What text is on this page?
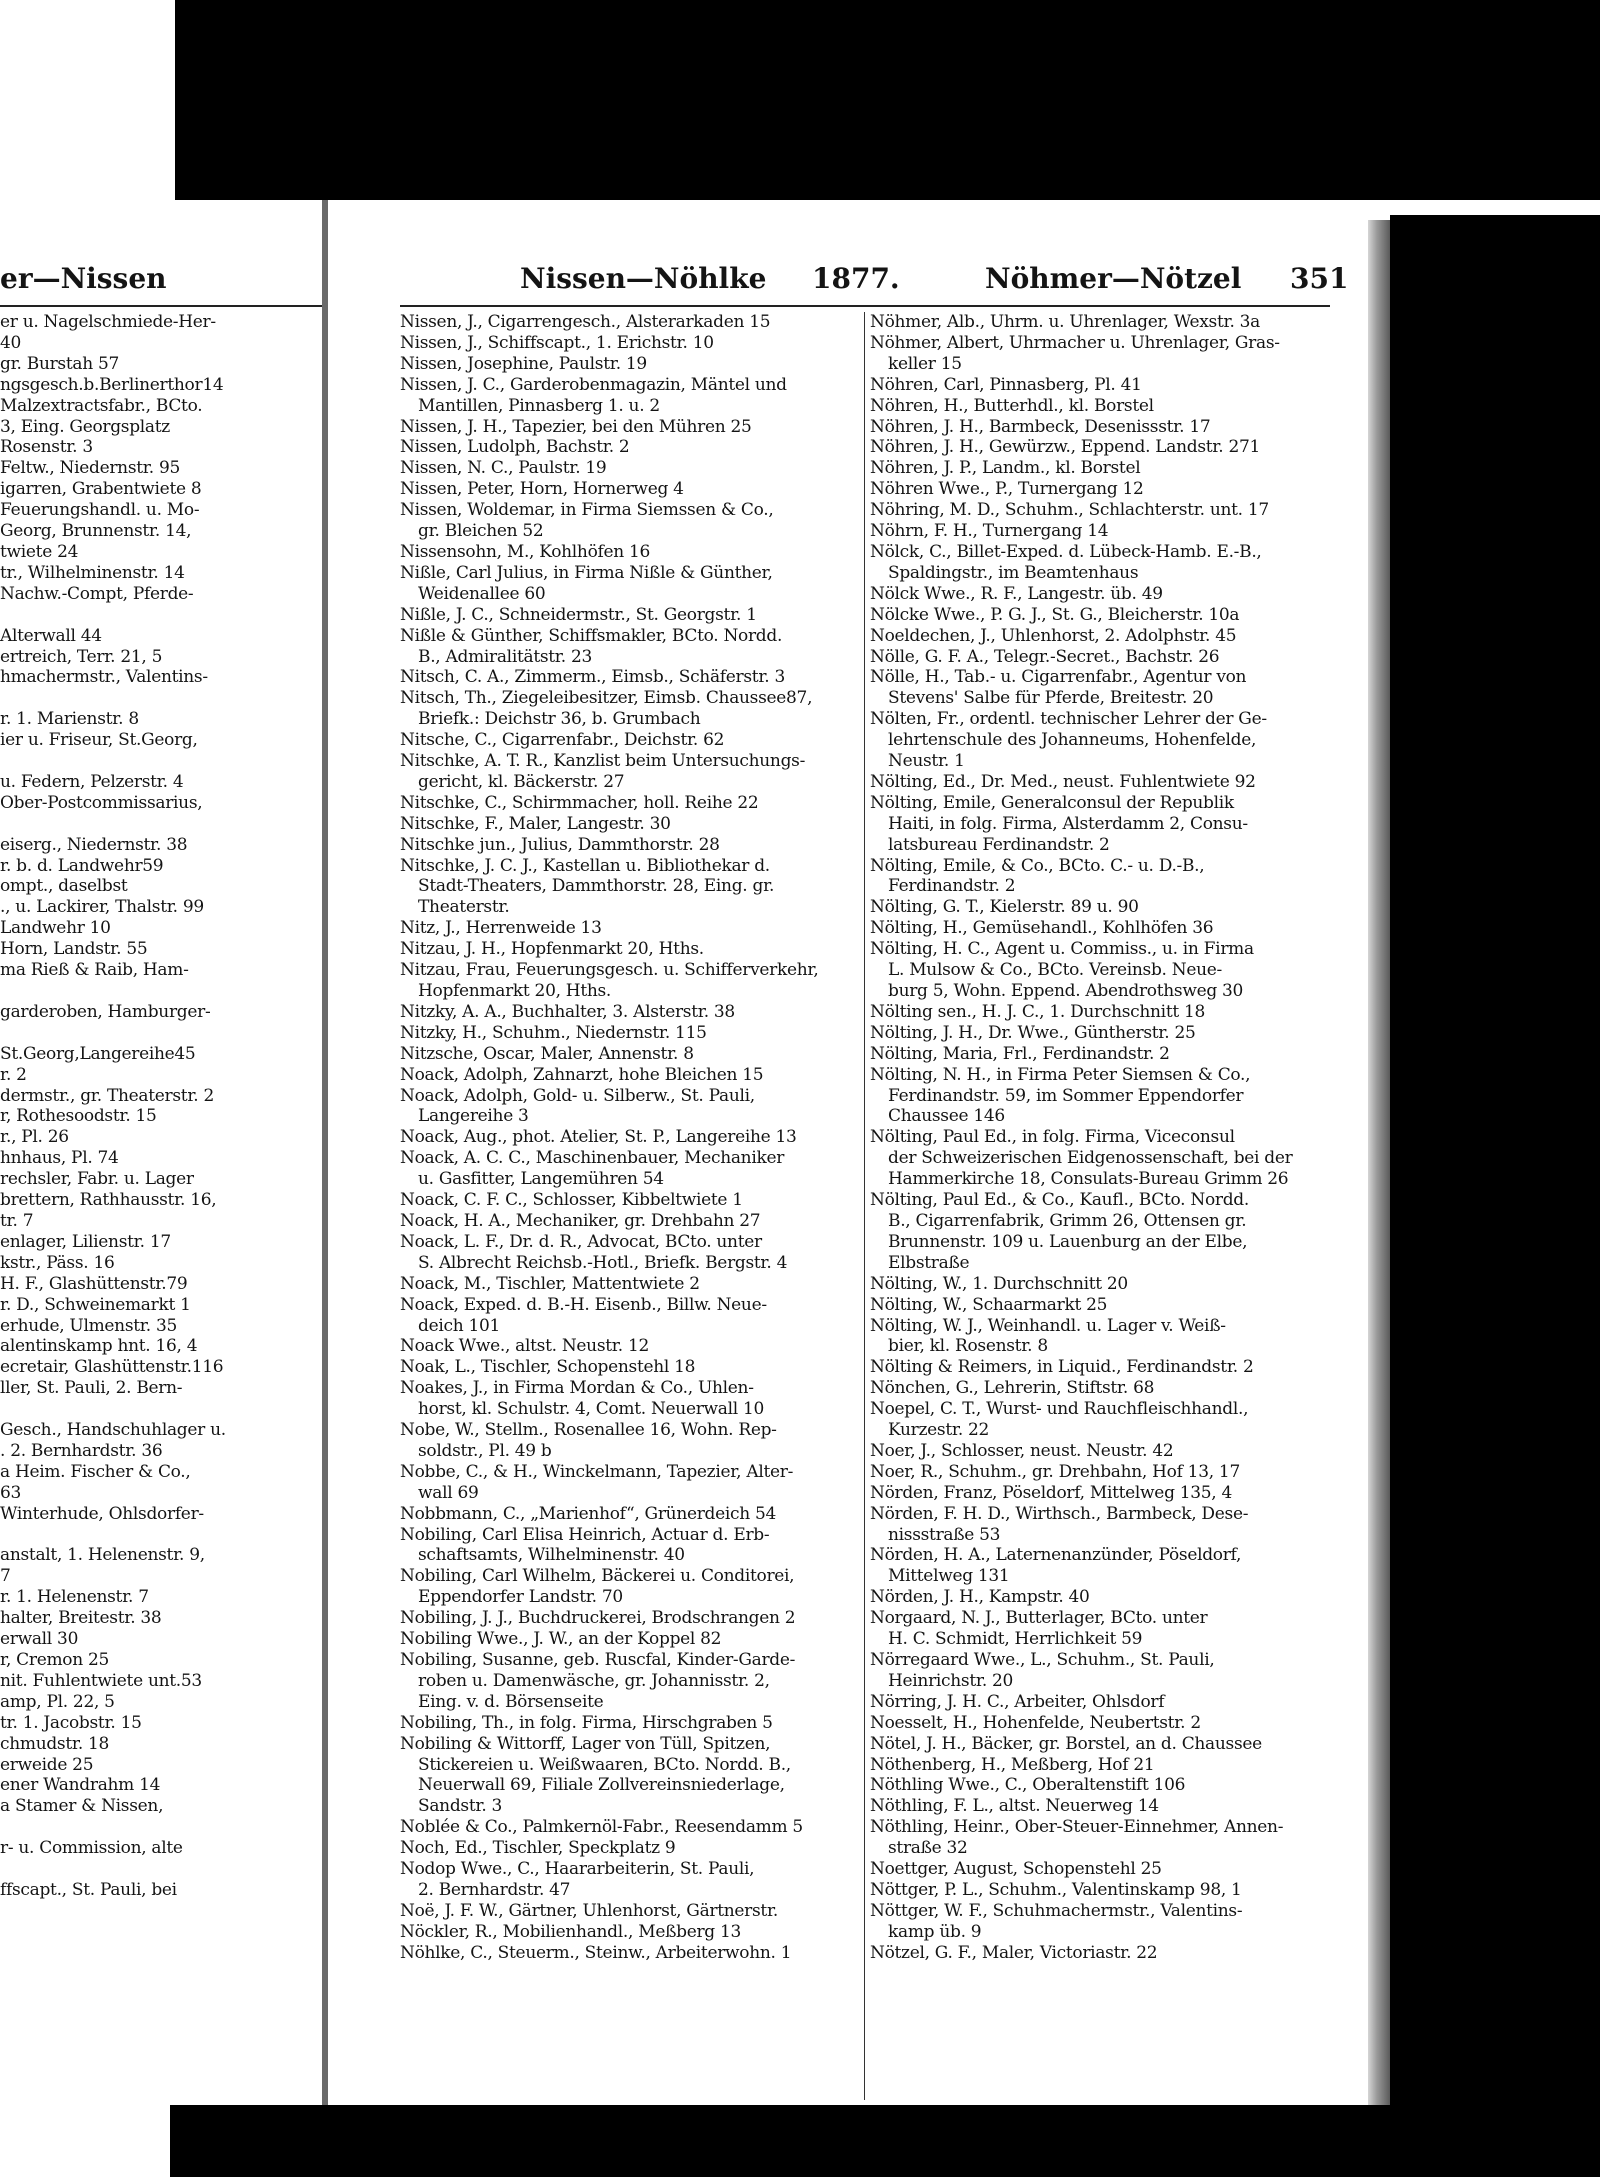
er—Nissen	Nissen—Nöhlke 1877.	Nöhmer—Nötzel 351
er u. Nagelschmiede-Her-
40
gr. Burstah 57
ngsgesch.b.Berlinerthor14
Malzextractsfabr., BCto.
3, Eing. Georgsplatz
Rosenstr. 3
Feltw., Niedernstr. 95
igarren, Grabentwiete 8
Feuerungshandl. u. Mo-
Georg, Brunnenstr. 14,
twiete 24
tr., Wilhelminenstr. 14
Nachw.-Compt, Pferde-

Alterwall 44
ertreich, Terr. 21, 5
hmachermstr., Valentins-

r. 1. Marienstr. 8
ier u. Friseur, St.Georg,

u. Federn, Pelzerstr. 4
Ober-Postcommissarius,

eiserg., Niedernstr. 38
r. b. d. Landwehr59
ompt., daselbst
., u. Lackirer, Thalstr. 99
Landwehr 10
Horn, Landstr. 55
ma Rieß & Raib, Ham-

garderoben, Hamburger-

St.Georg,Langereihe45
r. 2
dermstr., gr. Theaterstr. 2
r, Rothesoodstr. 15
r., Pl. 26
hnhaus, Pl. 74
rechsler, Fabr. u. Lager
brettern, Rathhausstr. 16,
tr. 7
enlager, Lilienstr. 17
kstr., Päss. 16
H. F., Glashüttenstr.79
r. D., Schweinemarkt 1
erhude, Ulmenstr. 35
alentinskamp hnt. 16, 4
ecretair, Glashüttenstr.116
ller, St. Pauli, 2. Bern-

Gesch., Handschuhlager u.
. 2. Bernhardstr. 36
a Heim. Fischer & Co.,
63
Winterhude, Ohlsdorfer-

anstalt, 1. Helenenstr. 9,
7
r. 1. Helenenstr. 7
halter, Breitestr. 38
erwall 30
r, Cremon 25
nit. Fuhlentwiete unt.53
amp, Pl. 22, 5
tr. 1. Jacobstr. 15
chmudstr. 18
erweide 25
ener Wandrahm 14
a Stamer & Nissen,

r- u. Commission, alte

ffscapt., St. Pauli, bei
Nissen, J., Cigarrengesch., Alsterarkaden 15
Nissen, J., Schiffscapt., 1. Erichstr. 10
Nissen, Josephine, Paulstr. 19
Nissen, J. C., Garderobenmagazin, Mäntel und
Mantillen, Pinnasberg 1. u. 2
Nissen, J. H., Tapezier, bei den Mühren 25
Nissen, Ludolph, Bachstr. 2
Nissen, N. C., Paulstr. 19
Nissen, Peter, Horn, Hornerweg 4
Nissen, Woldemar, in Firma Siemssen & Co.,
gr. Bleichen 52
Nissensohn, M., Kohlhöfen 16
Nißle, Carl Julius, in Firma Nißle & Günther,
Weidenallee 60
Nißle, J. C., Schneidermstr., St. Georgstr. 1
Nißle & Günther, Schiffsmakler, BCto. Nordd.
B., Admiralitätstr. 23
Nitsch, C. A., Zimmerm., Eimsb., Schäferstr. 3
Nitsch, Th., Ziegeleibesitzer, Eimsb. Chaussee87,
Briefk.: Deichstr 36, b. Grumbach
Nitsche, C., Cigarrenfabr., Deichstr. 62
Nitschke, A. T. R., Kanzlist beim Untersuchungs-
gericht, kl. Bäckerstr. 27
Nitschke, C., Schirmmacher, holl. Reihe 22
Nitschke, F., Maler, Langestr. 30
Nitschke jun., Julius, Dammthorstr. 28
Nitschke, J. C. J., Kastellan u. Bibliothekar d.
Stadt-Theaters, Dammthorstr. 28, Eing. gr.
Theaterstr.
Nitz, J., Herrenweide 13
Nitzau, J. H., Hopfenmarkt 20, Hths.
Nitzau, Frau, Feuerungsgesch. u. Schifferverkehr,
Hopfenmarkt 20, Hths.
Nitzky, A. A., Buchhalter, 3. Alsterstr. 38
Nitzky, H., Schuhm., Niedernstr. 115
Nitzsche, Oscar, Maler, Annenstr. 8
Noack, Adolph, Zahnarzt, hohe Bleichen 15
Noack, Adolph, Gold- u. Silberw., St. Pauli,
Langereihe 3
Noack, Aug., phot. Atelier, St. P., Langereihe 13
Noack, A. C. C., Maschinenbauer, Mechaniker
u. Gasfitter, Langemühren 54
Noack, C. F. C., Schlosser, Kibbeltwiete 1
Noack, H. A., Mechaniker, gr. Drehbahn 27
Noack, L. F., Dr. d. R., Advocat, BCto. unter
S. Albrecht Reichsb.-Hotl., Briefk. Bergstr. 4
Noack, M., Tischler, Mattentwiete 2
Noack, Exped. d. B.-H. Eisenb., Billw. Neue-
deich 101
Noack Wwe., altst. Neustr. 12
Noak, L., Tischler, Schopenstehl 18
Noakes, J., in Firma Mordan & Co., Uhlen-
horst, kl. Schulstr. 4, Comt. Neuerwall 10
Nobe, W., Stellm., Rosenallee 16, Wohn. Rep-
soldstr., Pl. 49 b
Nobbe, C., & H., Winckelmann, Tapezier, Alter-
wall 69
Nobbmann, C., „Marienhof“, Grünerdeich 54
Nobiling, Carl Elisa Heinrich, Actuar d. Erb-
schaftsamts, Wilhelminenstr. 40
Nobiling, Carl Wilhelm, Bäckerei u. Conditorei,
Eppendorfer Landstr. 70
Nobiling, J. J., Buchdruckerei, Brodschrangen 2
Nobiling Wwe., J. W., an der Koppel 82
Nobiling, Susanne, geb. Ruscfal, Kinder-Garde-
roben u. Damenwäsche, gr. Johannisstr. 2,
Eing. v. d. Börsenseite
Nobiling, Th., in folg. Firma, Hirschgraben 5
Nobiling & Wittorff, Lager von Tüll, Spitzen,
Stickereien u. Weißwaaren, BCto. Nordd. B.,
Neuerwall 69, Filiale Zollvereinsniederlage,
Sandstr. 3
Noblée & Co., Palmkernöl-Fabr., Reesendamm 5
Noch, Ed., Tischler, Speckplatz 9
Nodop Wwe., C., Haararbeiterin, St. Pauli,
2. Bernhardstr. 47
Noë, J. F. W., Gärtner, Uhlenhorst, Gärtnerstr.
Nöckler, R., Mobilienhandl., Meßberg 13
Nöhlke, C., Steuerm., Steinw., Arbeiterwohn. 1
Nöhmer, Alb., Uhrm. u. Uhrenlager, Wexstr. 3a
Nöhmer, Albert, Uhrmacher u. Uhrenlager, Gras-
keller 15
Nöhren, Carl, Pinnasberg, Pl. 41
Nöhren, H., Butterhdl., kl. Borstel
Nöhren, J. H., Barmbeck, Desenissstr. 17
Nöhren, J. H., Gewürzw., Eppend. Landstr. 271
Nöhren, J. P., Landm., kl. Borstel
Nöhren Wwe., P., Turnergang 12
Nöhring, M. D., Schuhm., Schlachterstr. unt. 17
Nöhrn, F. H., Turnergang 14
Nölck, C., Billet-Exped. d. Lübeck-Hamb. E.-B.,
Spaldingstr., im Beamtenhaus
Nölck Wwe., R. F., Langestr. üb. 49
Nölcke Wwe., P. G. J., St. G., Bleicherstr. 10a
Noeldechen, J., Uhlenhorst, 2. Adolphstr. 45
Nölle, G. F. A., Telegr.-Secret., Bachstr. 26
Nölle, H., Tab.- u. Cigarrenfabr., Agentur von
Stevens' Salbe für Pferde, Breitestr. 20
Nölten, Fr., ordentl. technischer Lehrer der Ge-
lehrtenschule des Johanneums, Hohenfelde,
Neustr. 1
Nölting, Ed., Dr. Med., neust. Fuhlentwiete 92
Nölting, Emile, Generalconsul der Republik
Haiti, in folg. Firma, Alsterdamm 2, Consu-
latsbureau Ferdinandstr. 2
Nölting, Emile, & Co., BCto. C.- u. D.-B.,
Ferdinandstr. 2
Nölting, G. T., Kielerstr. 89 u. 90
Nölting, H., Gemüsehandl., Kohlhöfen 36
Nölting, H. C., Agent u. Commiss., u. in Firma
L. Mulsow & Co., BCto. Vereinsb. Neue-
burg 5, Wohn. Eppend. Abendrothsweg 30
Nölting sen., H. J. C., 1. Durchschnitt 18
Nölting, J. H., Dr. Wwe., Güntherstr. 25
Nölting, Maria, Frl., Ferdinandstr. 2
Nölting, N. H., in Firma Peter Siemsen & Co.,
Ferdinandstr. 59, im Sommer Eppendorfer
Chaussee 146
Nölting, Paul Ed., in folg. Firma, Viceconsul
der Schweizerischen Eidgenossenschaft, bei der
Hammerkirche 18, Consulats-Bureau Grimm 26
Nölting, Paul Ed., & Co., Kaufl., BCto. Nordd.
B., Cigarrenfabrik, Grimm 26, Ottensen gr.
Brunnenstr. 109 u. Lauenburg an der Elbe,
Elbstraße
Nölting, W., 1. Durchschnitt 20
Nölting, W., Schaarmarkt 25
Nölting, W. J., Weinhandl. u. Lager v. Weiß-
bier, kl. Rosenstr. 8
Nölting & Reimers, in Liquid., Ferdinandstr. 2
Nönchen, G., Lehrerin, Stiftstr. 68
Noepel, C. T., Wurst- und Rauchfleischhandl.,
Kurzestr. 22
Noer, J., Schlosser, neust. Neustr. 42
Noer, R., Schuhm., gr. Drehbahn, Hof 13, 17
Nörden, Franz, Pöseldorf, Mittelweg 135, 4
Nörden, F. H. D., Wirthsch., Barmbeck, Dese-
nissstraße 53
Nörden, H. A., Laternenanzünder, Pöseldorf,
Mittelweg 131
Nörden, J. H., Kampstr. 40
Norgaard, N. J., Butterlager, BCto. unter
H. C. Schmidt, Herrlichkeit 59
Nörregaard Wwe., L., Schuhm., St. Pauli,
Heinrichstr. 20
Nörring, J. H. C., Arbeiter, Ohlsdorf
Noesselt, H., Hohenfelde, Neubertstr. 2
Nötel, J. H., Bäcker, gr. Borstel, an d. Chaussee
Nöthenberg, H., Meßberg, Hof 21
Nöthling Wwe., C., Oberaltenstift 106
Nöthling, F. L., altst. Neuerweg 14
Nöthling, Heinr., Ober-Steuer-Einnehmer, Annen-
straße 32
Noettger, August, Schopenstehl 25
Nöttger, P. L., Schuhm., Valentinskamp 98, 1
Nöttger, W. F., Schuhmachermstr., Valentins-
kamp üb. 9
Nötzel, G. F., Maler, Victoriastr. 22
